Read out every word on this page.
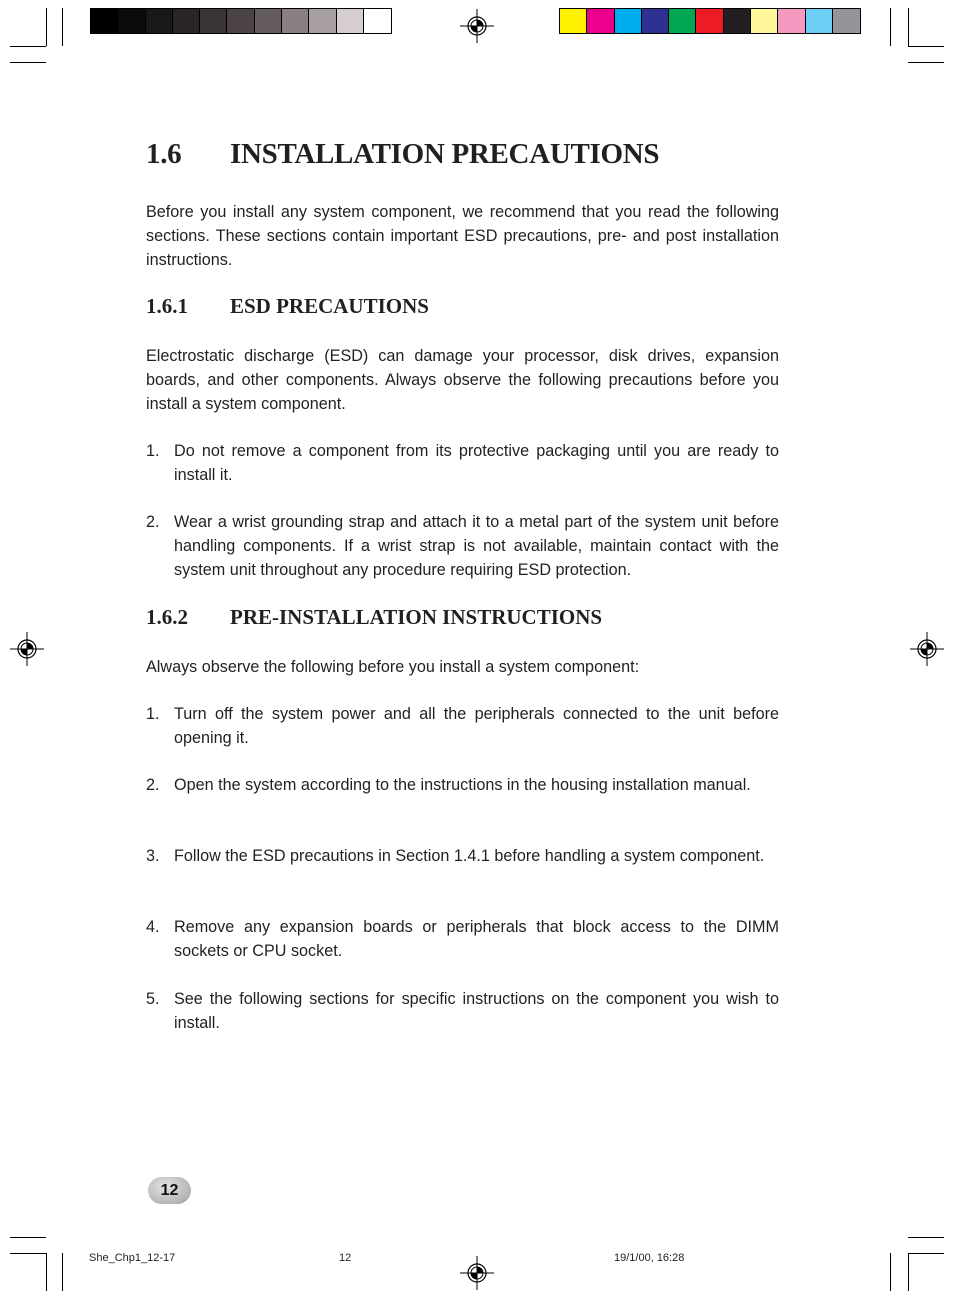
1.6 INSTALLATION PRECAUTIONS

Before you install any system component, we recommend that you read the following sections. These sections contain important ESD precautions, pre- and post installation instructions.

1.6.1 ESD PRECAUTIONS

Electrostatic discharge (ESD) can damage your processor, disk drives, expansion boards, and other components. Always observe the following precautions before you install a system component.

1. Do not remove a component from its protective packaging until you are ready to install it.
2. Wear a wrist grounding strap and attach it to a metal part of the system unit before handling components. If a wrist strap is not available, maintain contact with the system unit throughout any procedure requiring ESD protection.
1.6.2 PRE-INSTALLATION INSTRUCTIONS

Always observe the following before you install a system component:

1. Turn off the system power and all the peripherals connected to the unit before opening it.
2. Open the system according to the instructions in the housing installation manual.
3. Follow the ESD precautions in Section 1.4.1 before handling a system component.
4. Remove any expansion boards or peripherals that block access to the DIMM sockets or CPU socket.
5. See the following sections for specific instructions on the component you wish to install.
12
She_Chp1_12-17	12	19/1/00, 16:28
